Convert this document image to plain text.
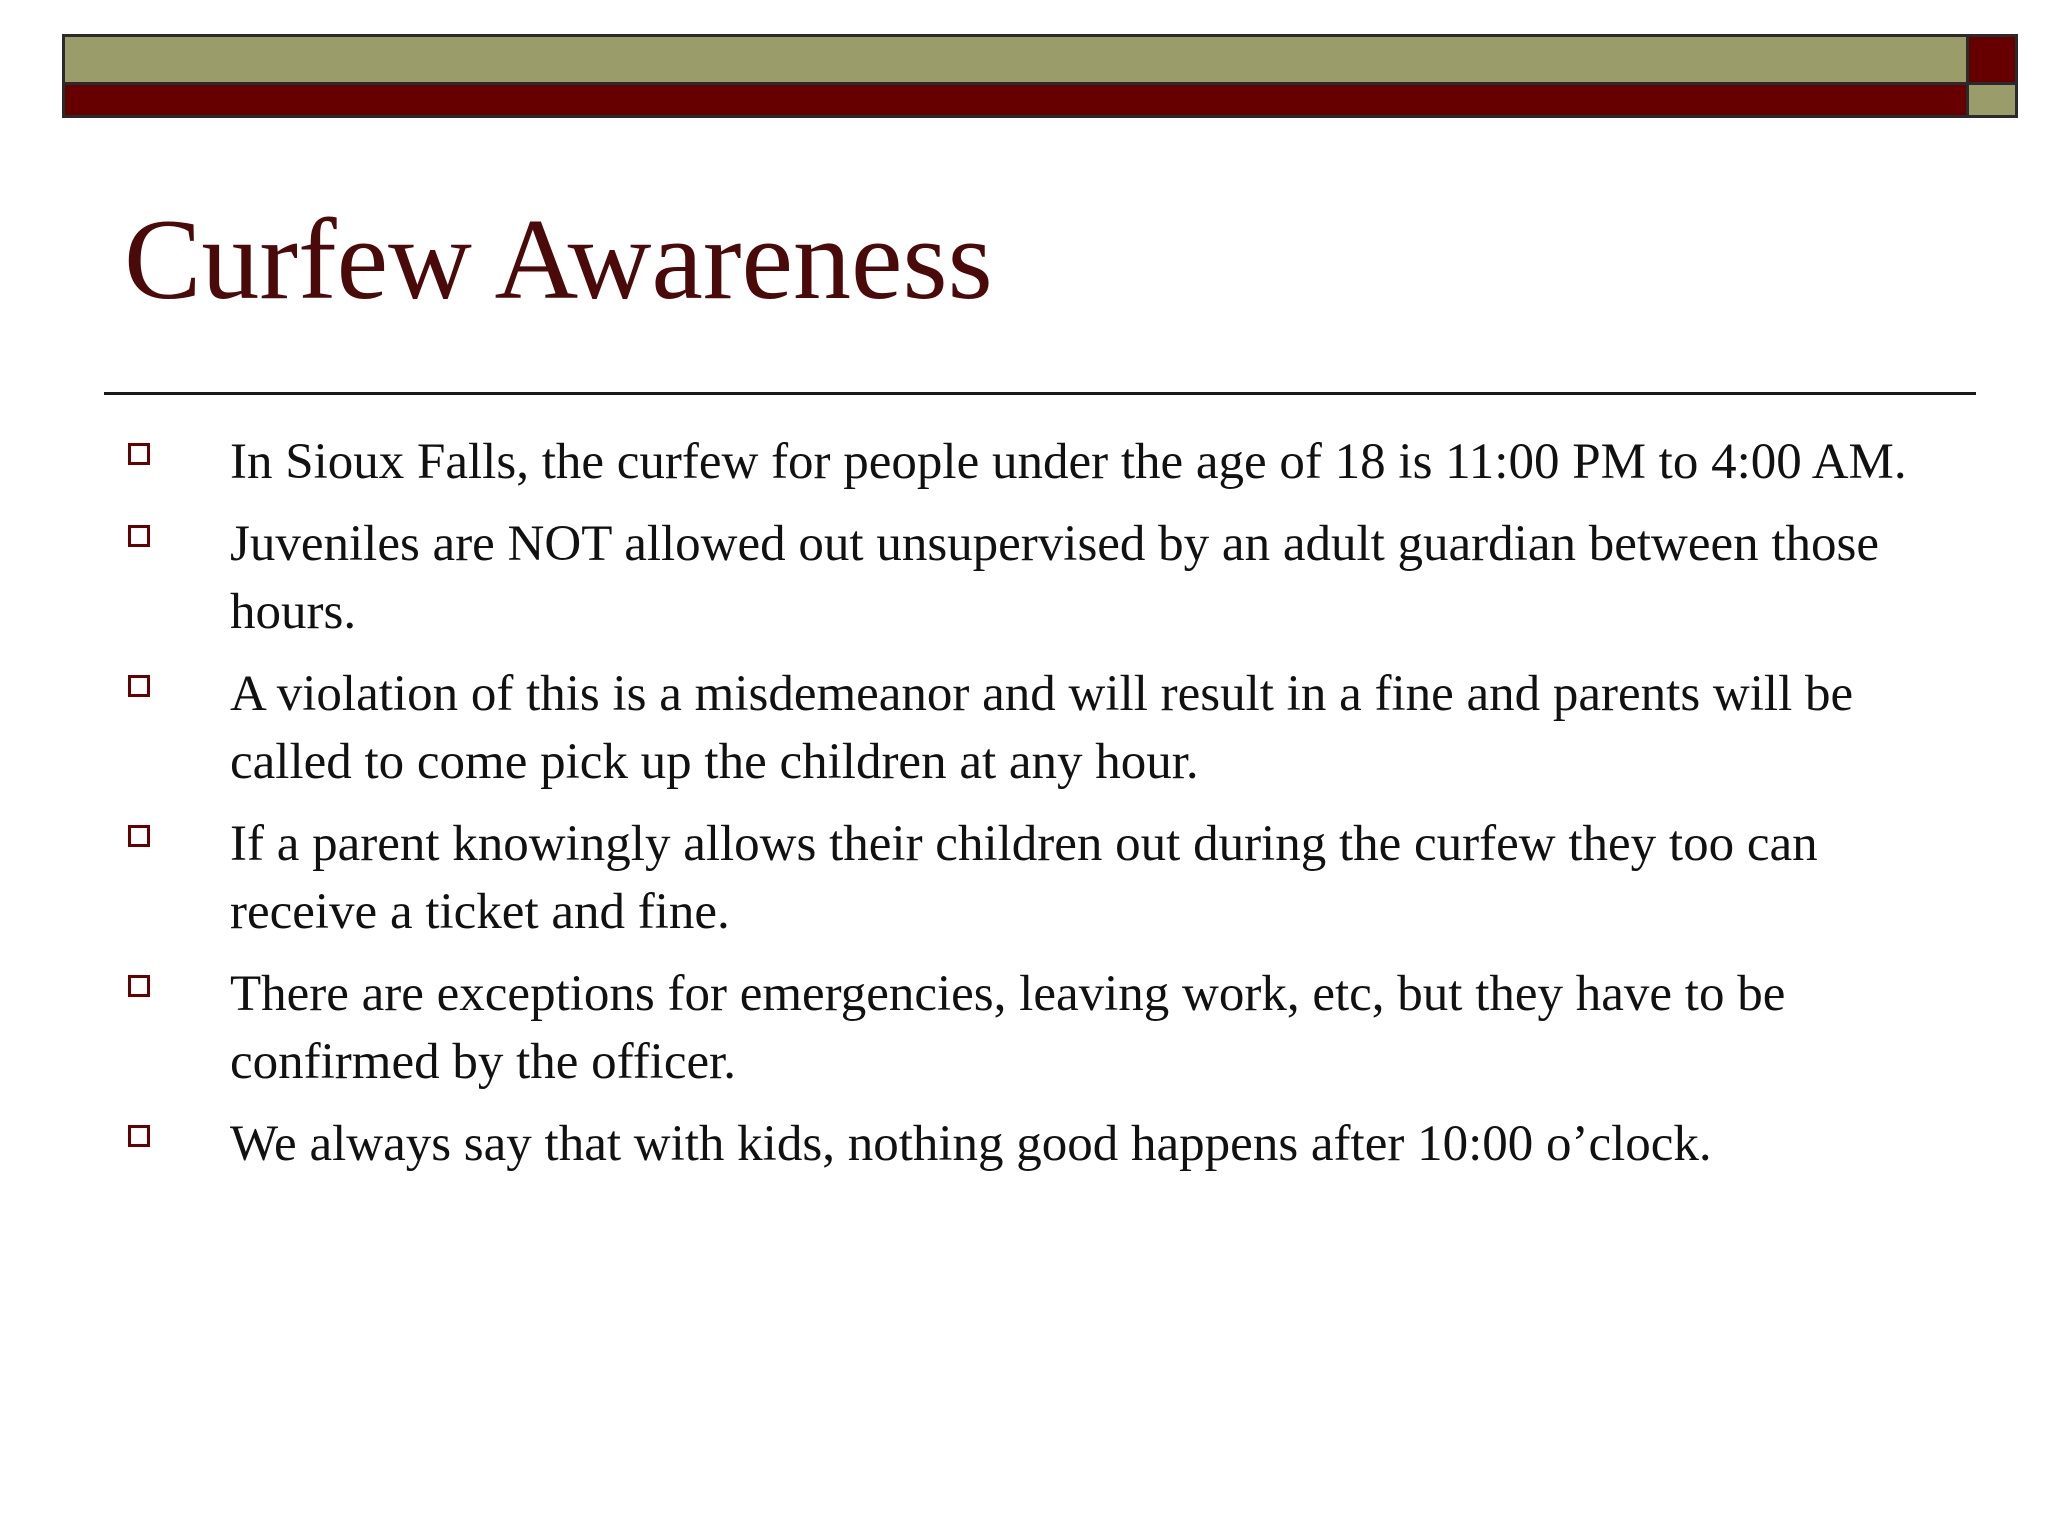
Curfew Awareness
In Sioux Falls, the curfew for people under the age of 18 is 11:00 PM to 4:00 AM.
Juveniles are NOT allowed out unsupervised by an adult guardian between those hours.
A violation of this is a misdemeanor and will result in a fine and parents will be called to come pick up the children at any hour.
If a parent knowingly allows their children out during the curfew they too can receive a ticket and fine.
There are exceptions for emergencies, leaving work, etc, but they have to be confirmed by the officer.
We always say that with kids, nothing good happens after 10:00 o’clock.
